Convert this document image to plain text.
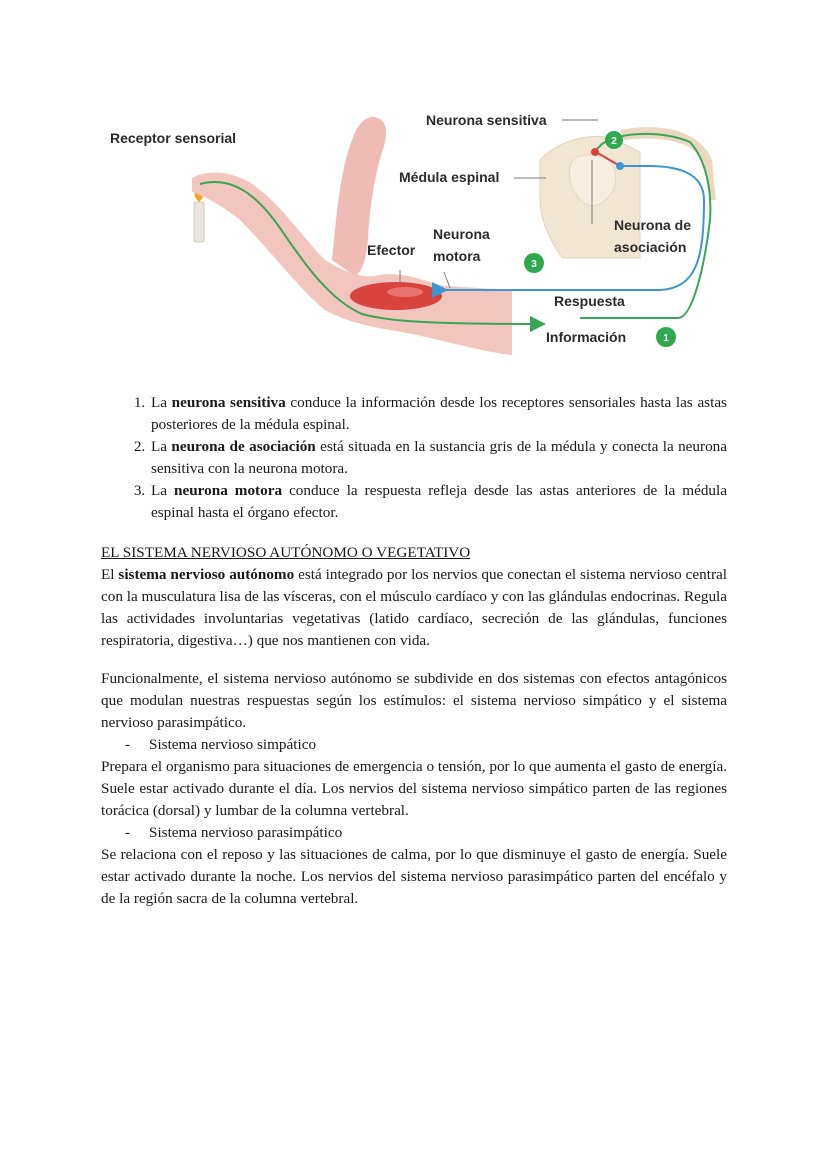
Receptor sensorial
Neurona sensitiva
Médula espinal
Neurona de
asociación
Efector
Neurona
motora
Respuesta
Información	1
2
3
1. La neurona sensitiva conduce la información desde los receptores sensoriales hasta las astas posteriores de la médula espinal.
2. La neurona de asociación está situada en la sustancia gris de la médula y conecta la neurona sensitiva con la neurona motora.
3. La neurona motora conduce la respuesta refleja desde las astas anteriores de la médula espinal hasta el órgano efector.
EL SISTEMA NERVIOSO AUTÓNOMO O VEGETATIVO

El sistema nervioso autónomo está integrado por los nervios que conectan el sistema nervioso central con la musculatura lisa de las vísceras, con el músculo cardíaco y con las glándulas endocrinas. Regula las actividades involuntarias vegetativas (latido cardíaco, secreción de las glándulas, funciones respiratoria, digestiva…) que nos mantienen con vida.

Funcionalmente, el sistema nervioso autónomo se subdivide en dos sistemas con efectos antagónicos que modulan nuestras respuestas según los estímulos: el sistema nervioso simpático y el sistema nervioso parasimpático.

- Sistema nervioso simpático

Prepara el organismo para situaciones de emergencia o tensión, por lo que aumenta el gasto de energía. Suele estar activado durante el día. Los nervios del sistema nervioso simpático parten de las regiones torácica (dorsal) y lumbar de la columna vertebral.

- Sistema nervioso parasimpático

Se relaciona con el reposo y las situaciones de calma, por lo que disminuye el gasto de energía. Suele estar activado durante la noche. Los nervios del sistema nervioso parasimpático parten del encéfalo y de la región sacra de la columna vertebral.
